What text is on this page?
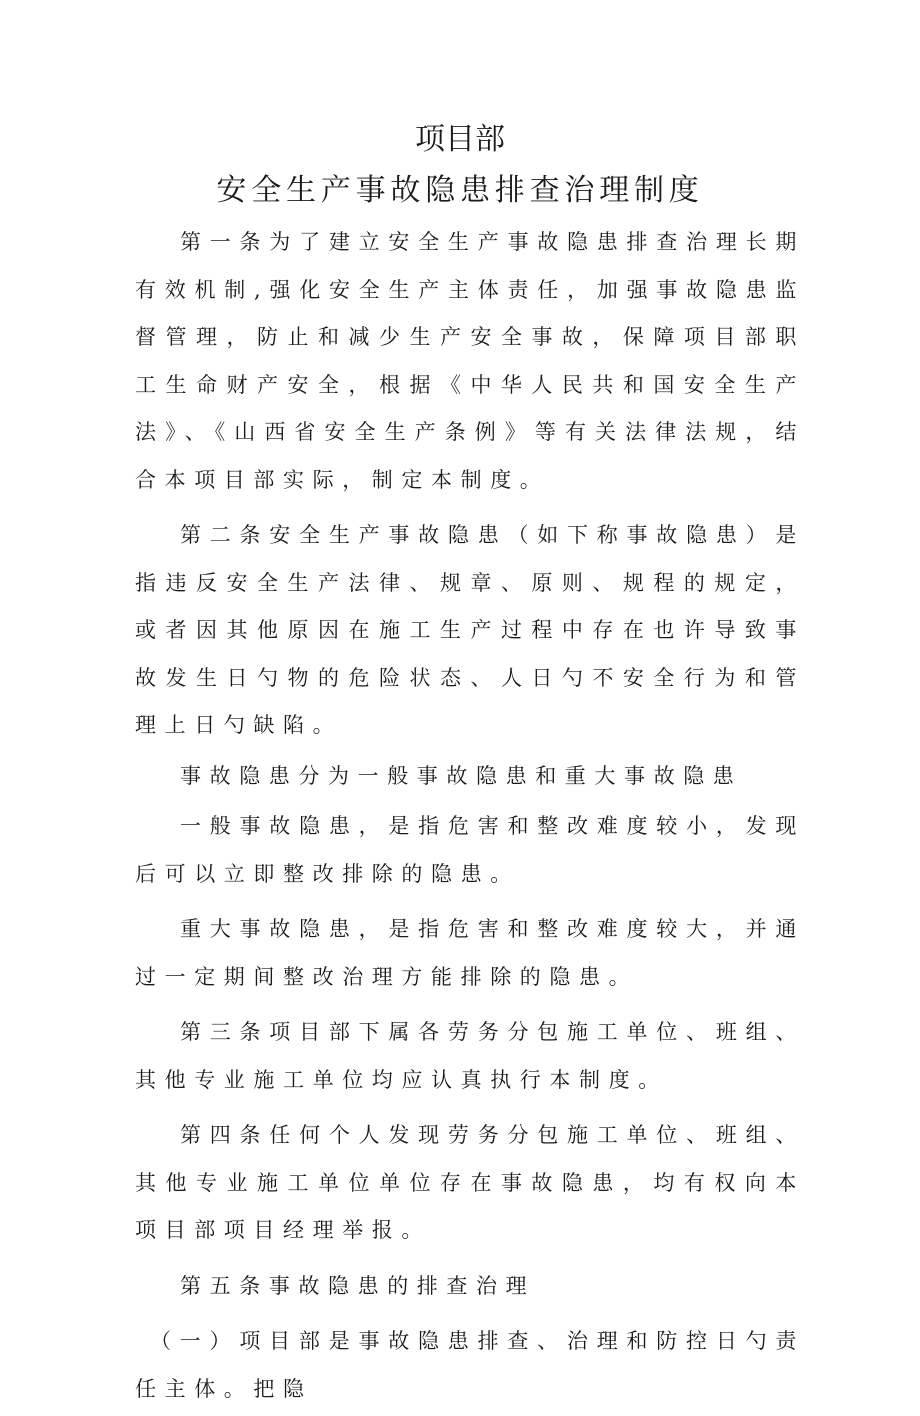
项目部
安全生产事故隐患排查治理制度

第一条为了建立安全生产事故隐患排查治理长期有效机制,强化安全生产主体责任，加强事故隐患监督管理，防止和减少生产安全事故，保障项目部职工生命财产安全，根据《中华人民共和国安全生产法》、《山西省安全生产条例》等有关法律法规，结合本项目部实际，制定本制度。

第二条安全生产事故隐患（如下称事故隐患）是指违反安全生产法律、规章、原则、规程的规定，或者因其他原因在施工生产过程中存在也许导致事故发生日勺物的危险状态、人日勺不安全行为和管理上日勺缺陷。

事故隐患分为一般事故隐患和重大事故隐患

一般事故隐患，是指危害和整改难度较小，发现后可以立即整改排除的隐患。

重大事故隐患，是指危害和整改难度较大，并通过一定期间整改治理方能排除的隐患。

第三条项目部下属各劳务分包施工单位、班组、其他专业施工单位均应认真执行本制度。

第四条任何个人发现劳务分包施工单位、班组、其他专业施工单位单位存在事故隐患，均有权向本项目部项目经理举报。

第五条事故隐患的排查治理

（一）项目部是事故隐患排查、治理和防控日勺责任主体。把隐
